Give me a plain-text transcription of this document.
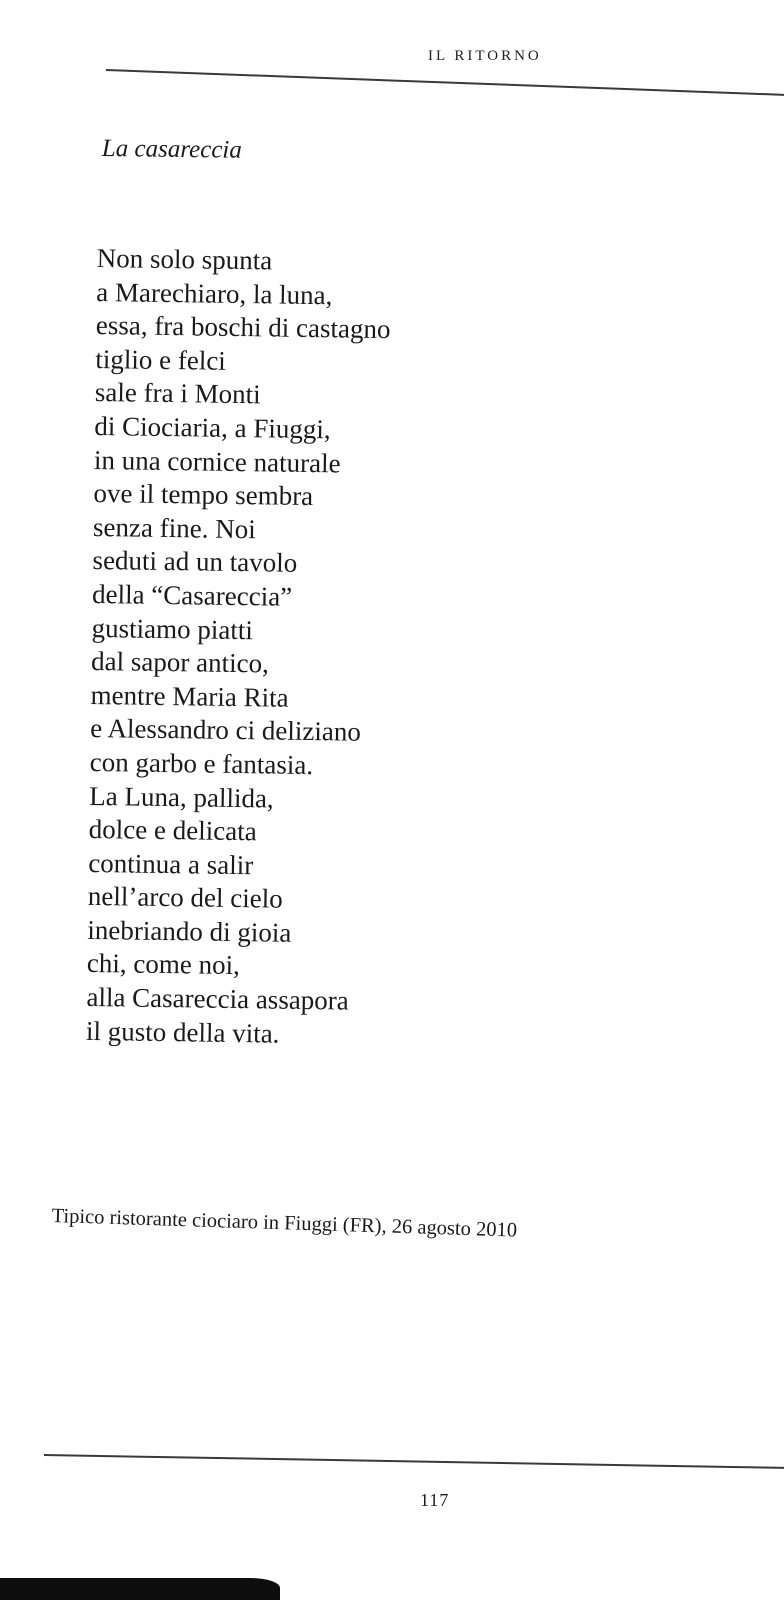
IL RITORNO
La casareccia
Non solo spunta
a Marechiaro, la luna,
essa, fra boschi di castagno
tiglio e felci
sale fra i Monti
di Ciociaria, a Fiuggi,
in una cornice naturale
ove il tempo sembra
senza fine. Noi
seduti ad un tavolo
della “Casareccia”
gustiamo piatti
dal sapor antico,
mentre Maria Rita
e Alessandro ci deliziano
con garbo e fantasia.
La Luna, pallida,
dolce e delicata
continua a salir
nell’arco del cielo
inebriando di gioia
chi, come noi,
alla Casareccia assapora
il gusto della vita.
Tipico ristorante ciociaro in Fiuggi (FR), 26 agosto 2010
117
